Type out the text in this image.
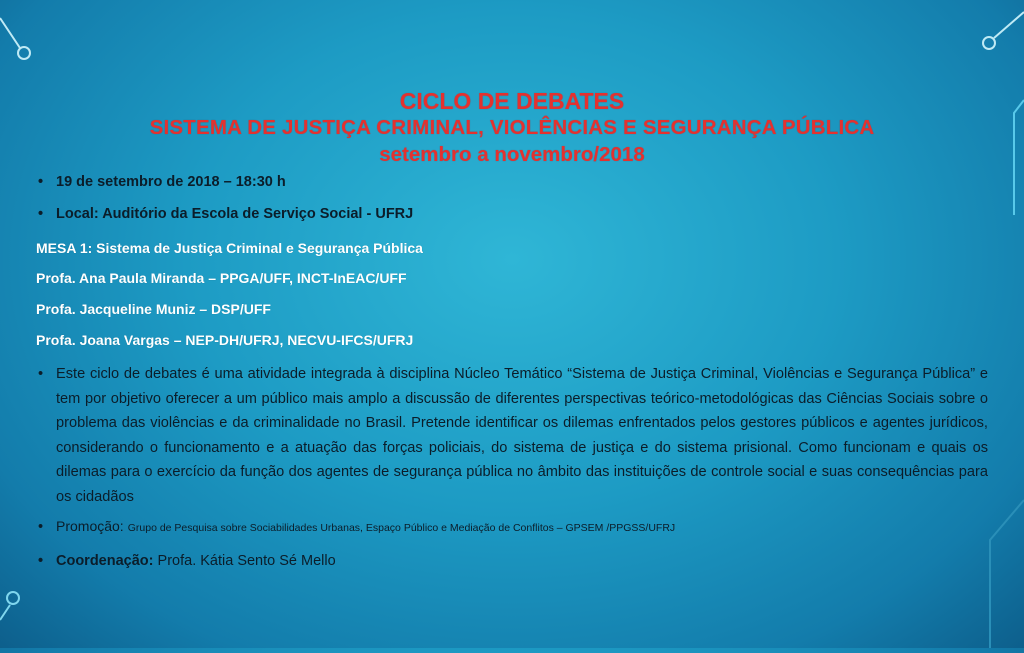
CICLO DE DEBATES
SISTEMA DE JUSTIÇA CRIMINAL, VIOLÊNCIAS E SEGURANÇA PÚBLICA
setembro a novembro/2018
• 19 de setembro de 2018 – 18:30 h
• Local: Auditório da Escola de Serviço Social - UFRJ
MESA 1: Sistema de Justiça Criminal e Segurança Pública
Profa. Ana Paula Miranda – PPGA/UFF, INCT-InEAC/UFF
Profa. Jacqueline Muniz – DSP/UFF
Profa. Joana Vargas – NEP-DH/UFRJ, NECVU-IFCS/UFRJ
• Este ciclo de debates é uma atividade integrada à disciplina Núcleo Temático “Sistema de Justiça Criminal, Violências e Segurança Pública” e tem por objetivo oferecer a um público mais amplo a discussão de diferentes perspectivas teórico-metodológicas das Ciências Sociais sobre o problema das violências e da criminalidade no Brasil. Pretende identificar os dilemas enfrentados pelos gestores públicos e agentes jurídicos, considerando o funcionamento e a atuação das forças policiais, do sistema de justiça e do sistema prisional. Como funcionam e quais os dilemas para o exercício da função dos agentes de segurança pública no âmbito das instituições de controle social e suas consequências para os cidadãos
• Promoção: Grupo de Pesquisa sobre Sociabilidades Urbanas, Espaço Público e Mediação de Conflitos – GPSEM /PPGSS/UFRJ
• Coordenação: Profa. Kátia Sento Sé Mello
